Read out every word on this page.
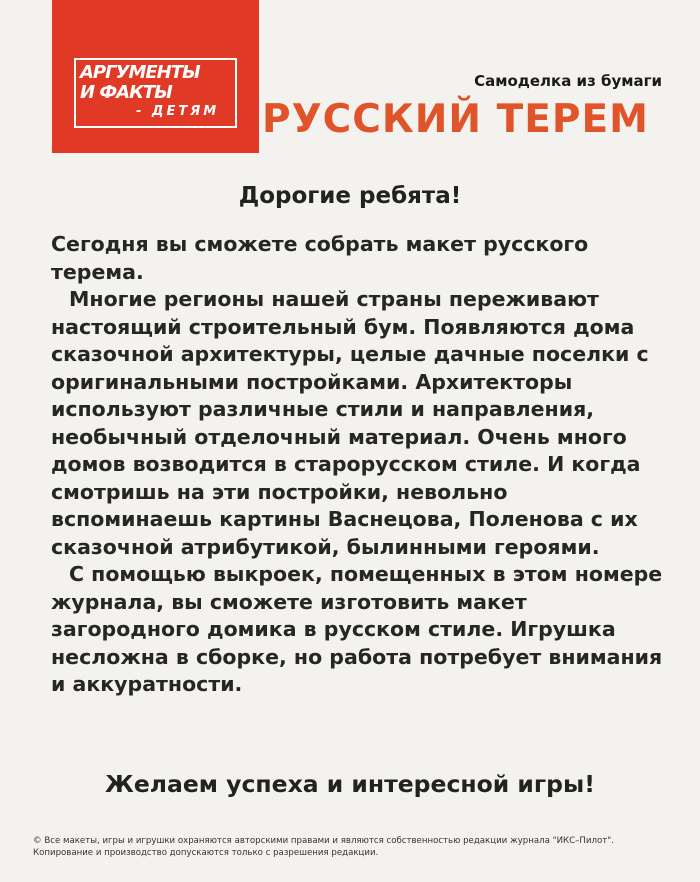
АРГУМЕНТЫ
И ФАКТЫ
- ДЕТЯМ
Самоделка из бумаги
РУССКИЙ ТЕРЕМ
Дорогие ребята!

Сегодня вы сможете собрать макет русского терема.

Многие регионы нашей страны переживают настоящий строительный бум. Появляются дома сказочной архитектуры, целые дачные поселки с оригинальными постройками. Архитекторы используют различные стили и направления, необычный отделочный материал. Очень много домов возводится в старорусском стиле. И когда смотришь на эти постройки, невольно вспоминаешь картины Васнецова, Поленова с их сказочной атрибутикой, былинными героями.

С помощью выкроек, помещенных в этом номере журнала, вы сможете изготовить макет загородного домика в русском стиле. Игрушка несложна в сборке, но работа потребует внимания и аккуратности.

Желаем успеха и интересной игры!

© Все макеты, игры и игрушки охраняются авторскими правами и являются собственностью редакции журнала "ИКС–Пилот".

Копирование и производство допускаются только с разрешения редакции.
